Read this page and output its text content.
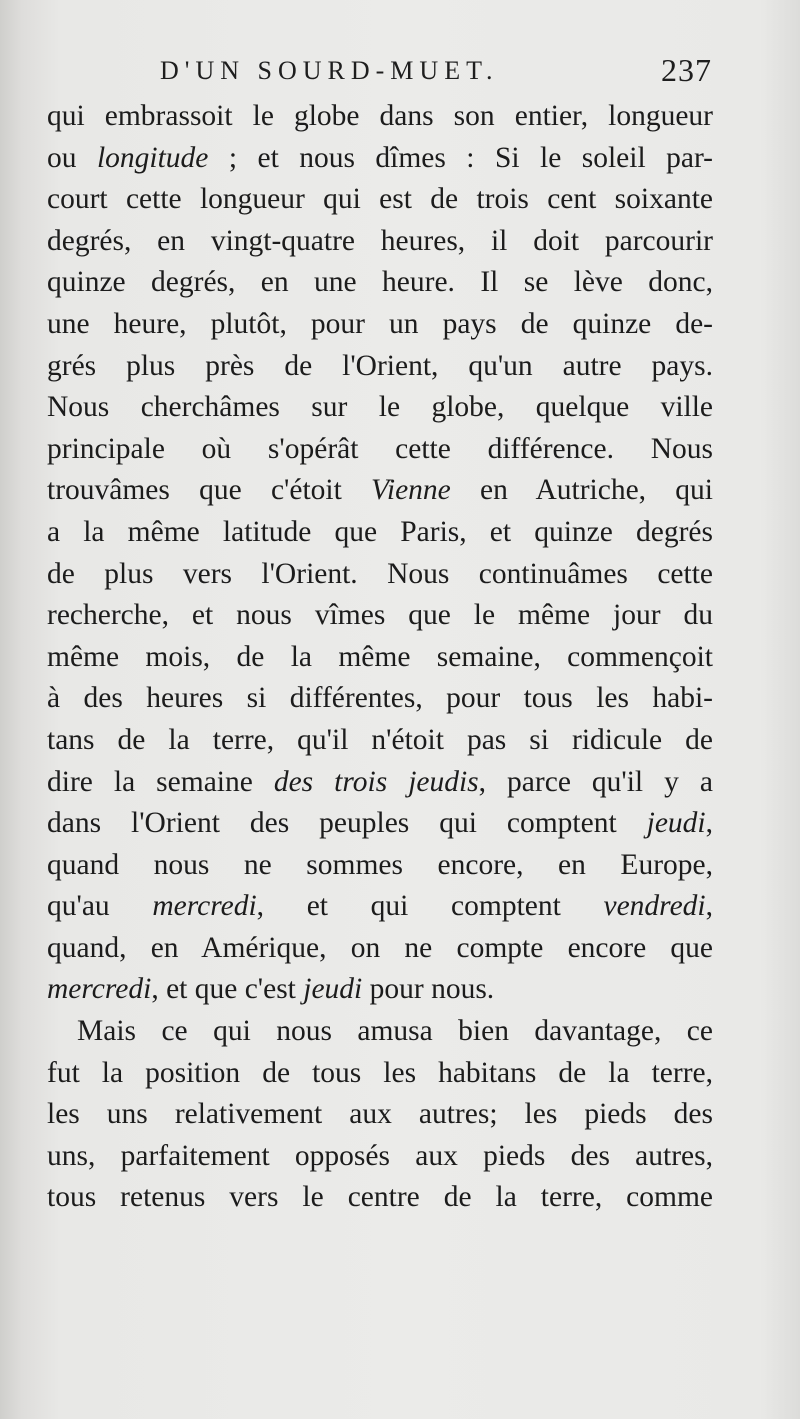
D'UN SOURD-MUET.	237
qui embrassoit le globe dans son entier, longueur
ou longitude ; et nous dîmes : Si le soleil par-
court cette longueur qui est de trois cent soixante
degrés, en vingt-quatre heures, il doit parcourir
quinze degrés, en une heure. Il se lève donc,
une heure, plutôt, pour un pays de quinze de-
grés plus près de l'Orient, qu'un autre pays.
Nous cherchâmes sur le globe, quelque ville
principale où s'opérât cette différence. Nous
trouvâmes que c'étoit Vienne en Autriche, qui
a la même latitude que Paris, et quinze degrés
de plus vers l'Orient. Nous continuâmes cette
recherche, et nous vîmes que le même jour du
même mois, de la même semaine, commençoit
à des heures si différentes, pour tous les habi-
tans de la terre, qu'il n'étoit pas si ridicule de
dire la semaine des trois jeudis, parce qu'il y a
dans l'Orient des peuples qui comptent jeudi,
quand nous ne sommes encore, en Europe,
qu'au mercredi, et qui comptent vendredi,
quand, en Amérique, on ne compte encore que
mercredi, et que c'est jeudi pour nous.
Mais ce qui nous amusa bien davantage, ce
fut la position de tous les habitans de la terre,
les uns relativement aux autres; les pieds des
uns, parfaitement opposés aux pieds des autres,
tous retenus vers le centre de la terre, comme
